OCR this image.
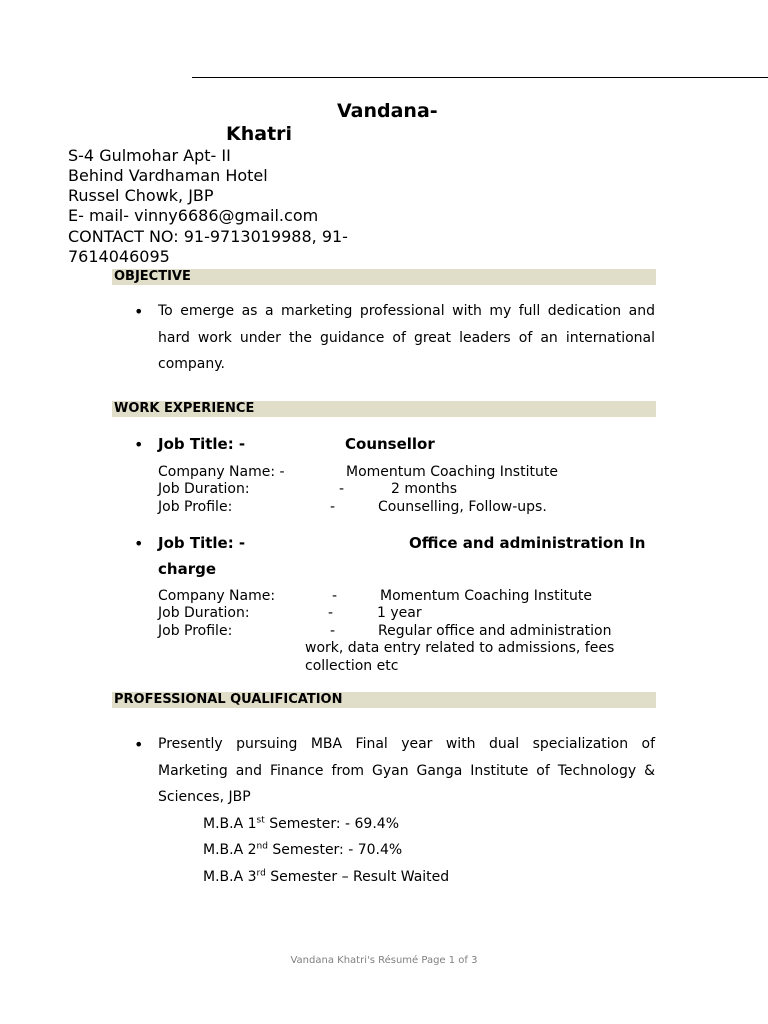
Vandana-
Khatri
S-4 Gulmohar Apt- II
Behind Vardhaman Hotel
Russel Chowk, JBP
E- mail- vinny6686@gmail.com
CONTACT NO: 91-9713019988, 91-
7614046095
OBJECTIVE
• To emerge as a marketing professional with my full dedication and hard work under the guidance of great leaders of an international company.
WORK EXPERIENCE
• Job Title: -	Counsellor
Company Name: -	Momentum Coaching Institute
Job Duration:	-	2 months
Job Profile:	-	Counselling, Follow-ups.
• Job Title: -	Office and administration In
charge
Company Name:	-	Momentum Coaching Institute
Job Duration:	-	1 year
Job Profile:	-	Regular office and administration
work, data entry related to admissions, fees
collection etc
PROFESSIONAL QUALIFICATION
• Presently pursuing MBA Final year with dual specialization of Marketing and Finance from Gyan Ganga Institute of Technology & Sciences, JBP
M.B.A 1st Semester: - 69.4%
M.B.A 2nd Semester: - 70.4%
M.B.A 3rd Semester – Result Waited
Vandana Khatri's Résumé Page 1 of 3
